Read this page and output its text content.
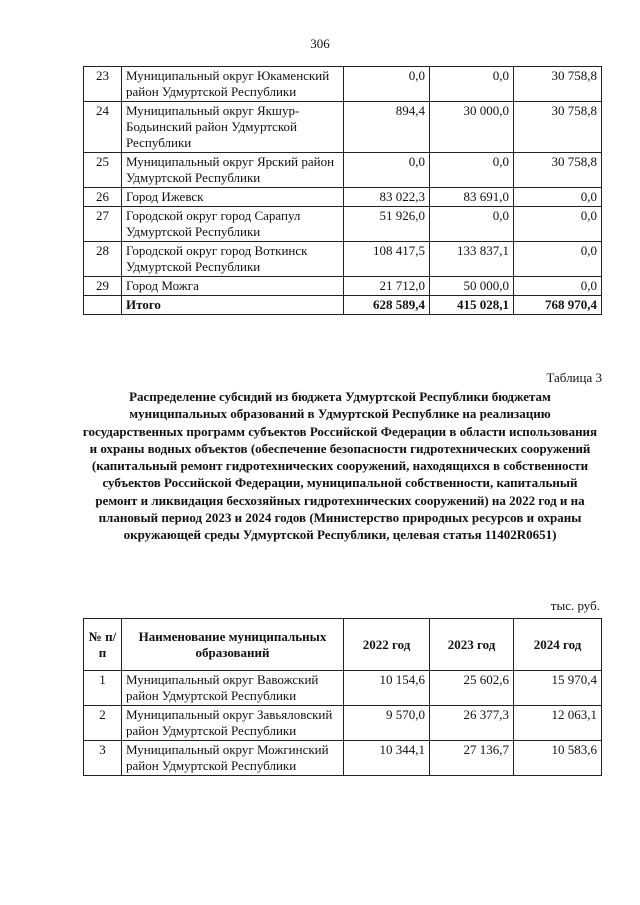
306
23	Муниципальный округ Юкаменский район Удмуртской Республики	0,0	0,0	30 758,8
24	Муниципальный округ Якшур-Бодьинский район Удмуртской Республики	894,4	30 000,0	30 758,8
25	Муниципальный округ Ярский район Удмуртской Республики	0,0	0,0	30 758,8
26	Город Ижевск	83 022,3	83 691,0	0,0
27	Городской округ город Сарапул Удмуртской Республики	51 926,0	0,0	0,0
28	Городской округ город Воткинск Удмуртской Республики	108 417,5	133 837,1	0,0
29	Город Можга	21 712,0	50 000,0	0,0
	Итого	628 589,4	415 028,1	768 970,4
Таблица 3
Распределение субсидий из бюджета Удмуртской Республики бюджетам муниципальных образований в Удмуртской Республике на реализацию государственных программ субъектов Российской Федерации в области использования и охраны водных объектов (обеспечение безопасности гидротехнических сооружений (капитальный ремонт гидротехнических сооружений, находящихся в собственности субъектов Российской Федерации, муниципальной собственности, капитальный ремонт и ликвидация бесхозяйных гидротехнических сооружений) на 2022 год и на плановый период 2023 и 2024 годов (Министерство природных ресурсов и охраны окружающей среды Удмуртской Республики, целевая статья 11402R0651)
тыс. руб.
№ п/п	Наименование муниципальных образований	2022 год	2023 год	2024 год
1	Муниципальный округ Вавожский район Удмуртской Республики	10 154,6	25 602,6	15 970,4
2	Муниципальный округ Завьяловский район Удмуртской Республики	9 570,0	26 377,3	12 063,1
3	Муниципальный округ Можгинский район Удмуртской Республики	10 344,1	27 136,7	10 583,6
